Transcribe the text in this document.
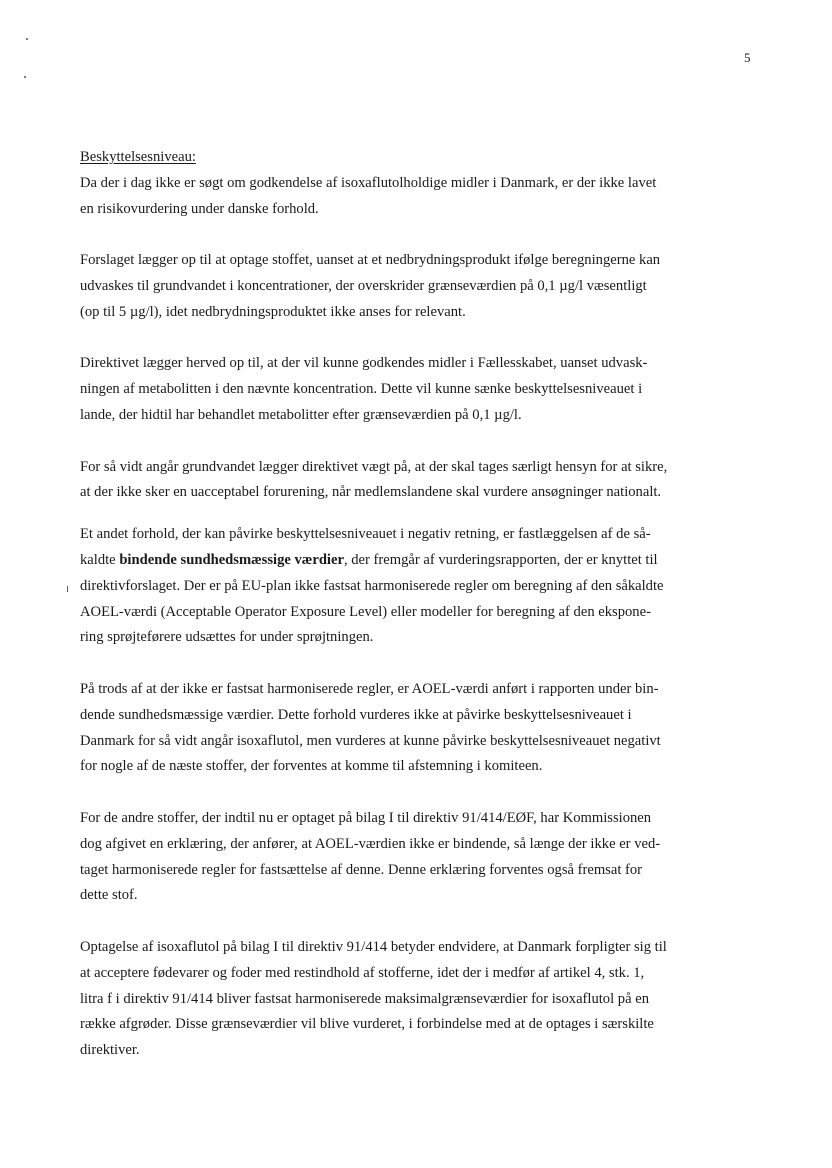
5
Beskyttelsesniveau:

Da der i dag ikke er søgt om godkendelse af isoxaflutolholdige midler i Danmark, er der ikke lavet
en risikovurdering under danske forhold.

Forslaget lægger op til at optage stoffet, uanset at et nedbrydningsprodukt ifølge beregningerne kan
udvaskes til grundvandet i koncentrationer, der overskrider grænseværdien på 0,1 µg/l væsentligt
(op til 5 µg/l), idet nedbrydningsproduktet ikke anses for relevant.

Direktivet lægger herved op til, at der vil kunne godkendes midler i Fællesskabet, uanset udvask-
ningen af metabolitten i den nævnte koncentration. Dette vil kunne sænke beskyttelsesniveauet i
lande, der hidtil har behandlet metabolitter efter grænseværdien på 0,1 µg/l.

For så vidt angår grundvandet lægger direktivet vægt på, at der skal tages særligt hensyn for at sikre,
at der ikke sker en uacceptabel forurening, når medlemslandene skal vurdere ansøgninger nationalt.

Et andet forhold, der kan påvirke beskyttelsesniveauet i negativ retning, er fastlæggelsen af de så-
kaldte bindende sundhedsmæssige værdier, der fremgår af vurderingsrapporten, der er knyttet til
direktivforslaget. Der er på EU-plan ikke fastsat harmoniserede regler om beregning af den såkaldte
AOEL-værdi (Acceptable Operator Exposure Level) eller modeller for beregning af den ekspone-
ring sprøjteførere udsættes for under sprøjtningen.

På trods af at der ikke er fastsat harmoniserede regler, er AOEL-værdi anført i rapporten under bin-
dende sundhedsmæssige værdier. Dette forhold vurderes ikke at påvirke beskyttelsesniveauet i
Danmark for så vidt angår isoxaflutol, men vurderes at kunne påvirke beskyttelsesniveauet negativt
for nogle af de næste stoffer, der forventes at komme til afstemning i komiteen.

For de andre stoffer, der indtil nu er optaget på bilag I til direktiv 91/414/EØF, har Kommissionen
dog afgivet en erklæring, der anfører, at AOEL-værdien ikke er bindende, så længe der ikke er ved-
taget harmoniserede regler for fastsættelse af denne. Denne erklæring forventes også fremsat for
dette stof.

Optagelse af isoxaflutol på bilag I til direktiv 91/414 betyder endvidere, at Danmark forpligter sig til
at acceptere fødevarer og foder med restindhold af stofferne, idet der i medfør af artikel 4, stk. 1,
litra f i direktiv 91/414 bliver fastsat harmoniserede maksimalgrænseværdier for isoxaflutol på en
række afgrøder. Disse grænseværdier vil blive vurderet, i forbindelse med at de optages i særskilte
direktiver.
